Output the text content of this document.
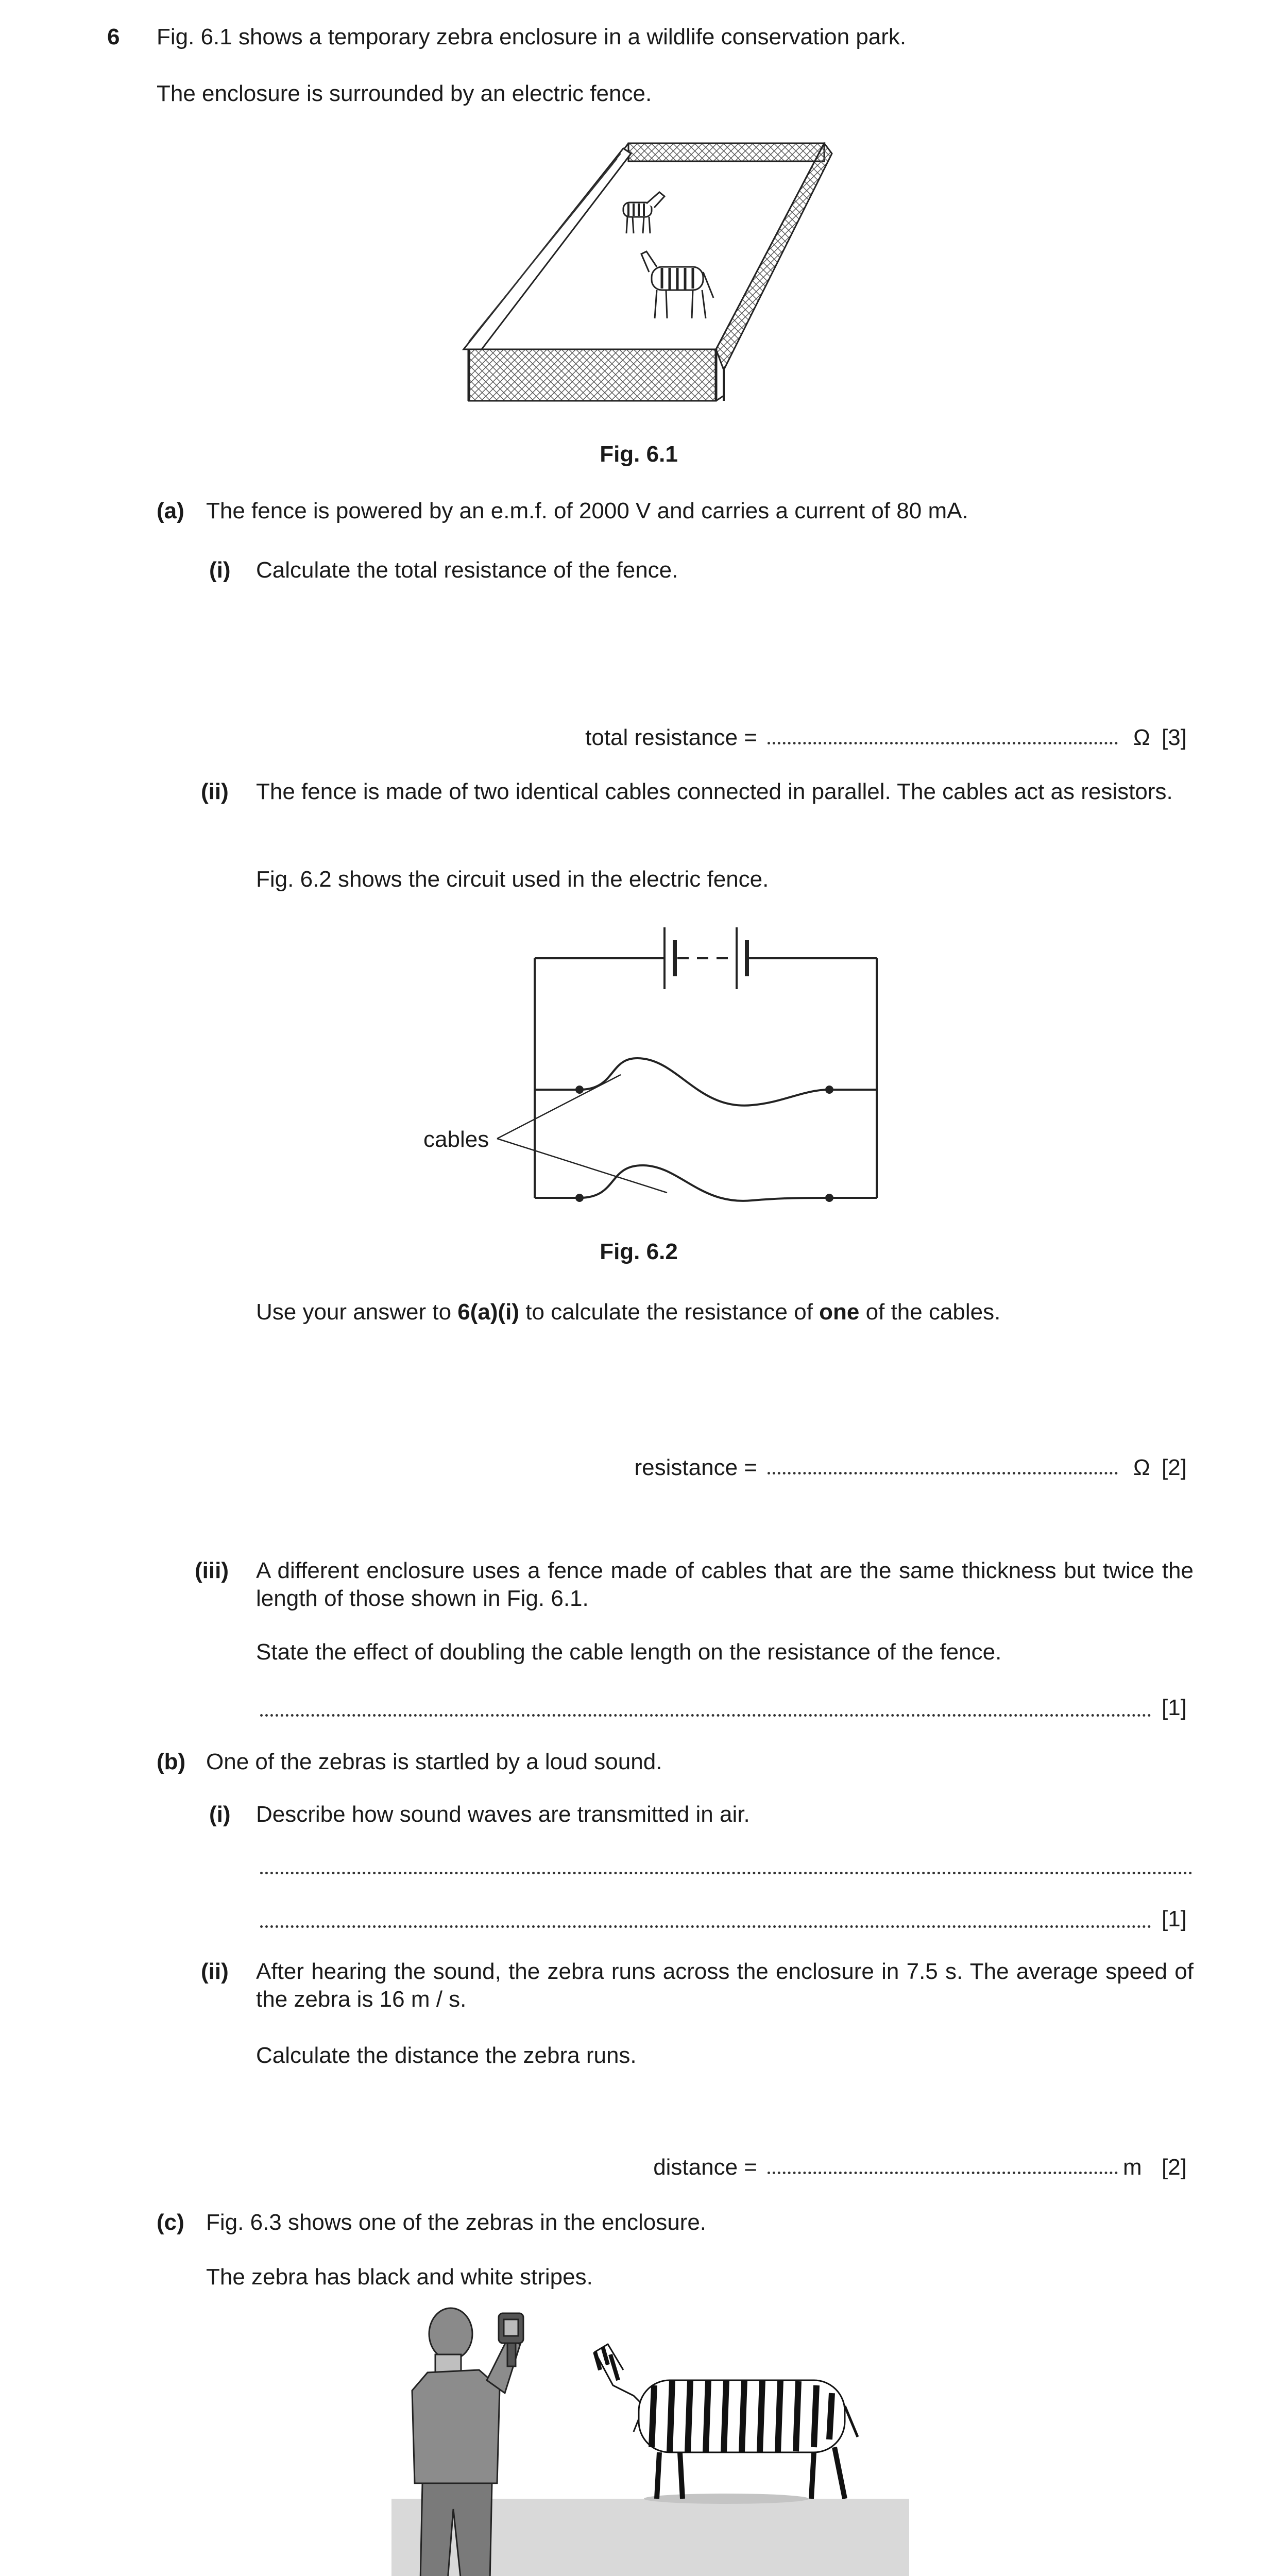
6 Fig. 6.1 shows a temporary zebra enclosure in a wildlife conservation park.
The enclosure is surrounded by an electric fence.
Fig. 6.1
(a) The fence is powered by an e.m.f. of 2000 V and carries a current of 80 mA.
(i) Calculate the total resistance of the fence.
total resistance =	Ω [3]
(ii) The fence is made of two identical cables connected in parallel. The cables act as resistors.
Fig. 6.2 shows the circuit used in the electric fence.
cables
Fig. 6.2
Use your answer to 6(a)(i) to calculate the resistance of one of the cables.
resistance =	Ω [2]
(iii) A different enclosure uses a fence made of cables that are the same thickness but twice the length of those shown in Fig. 6.1.
State the effect of doubling the cable length on the resistance of the fence.
[1]
(b) One of the zebras is startled by a loud sound.
(i) Describe how sound waves are transmitted in air.
[1]
(ii) After hearing the sound, the zebra runs across the enclosure in 7.5 s. The average speed of the zebra is 16 m / s.
Calculate the distance the zebra runs.
distance =	m [2]
(c) Fig. 6.3 shows one of the zebras in the enclosure.
The zebra has black and white stripes.
